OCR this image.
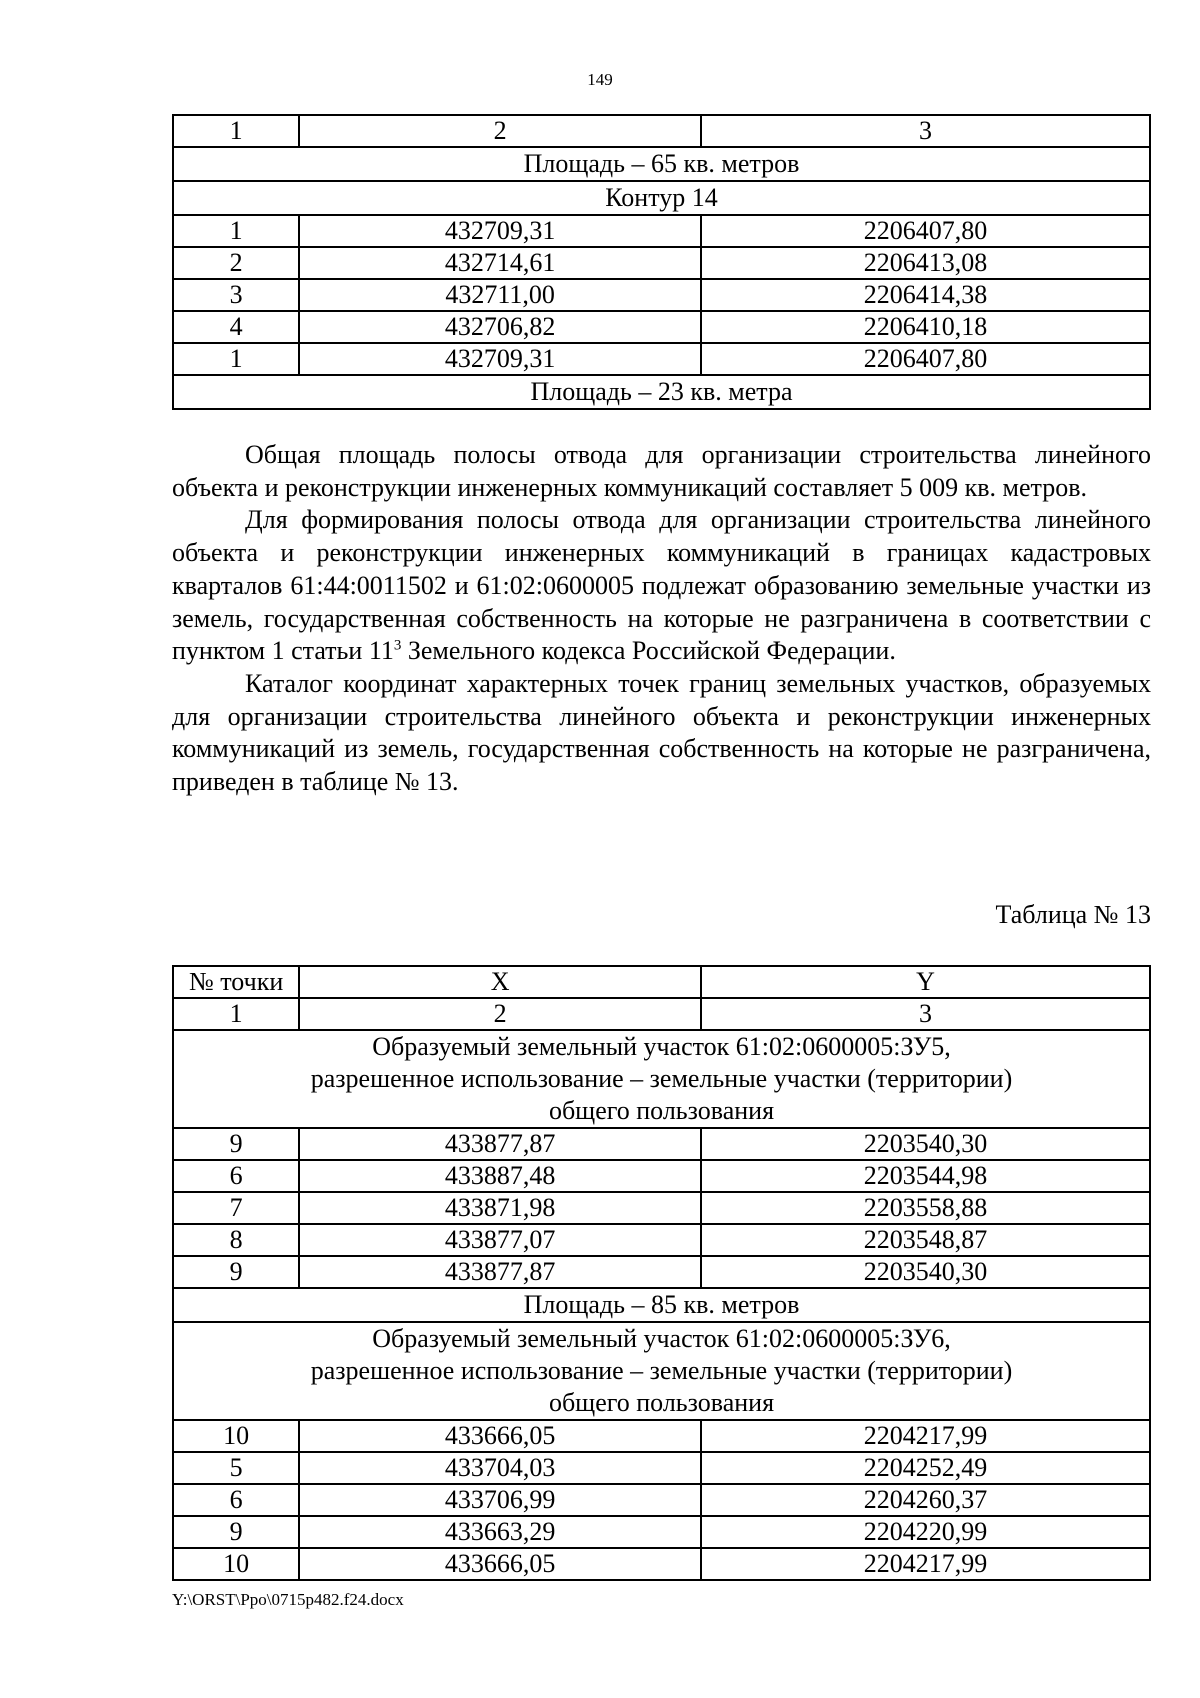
149
1	2	3
Площадь – 65 кв. метров		
Контур 14		
1	432709,31	2206407,80
2	432714,61	2206413,08
3	432711,00	2206414,38
4	432706,82	2206410,18
1	432709,31	2206407,80
Площадь – 23 кв. метра		

Общая площадь полосы отвода для организации строительства линейного объекта и реконструкции инженерных коммуникаций составляет 5 009 кв. метров.

Для формирования полосы отвода для организации строительства линейного объекта и реконструкции инженерных коммуникаций в границах кадастровых кварталов 61:44:0011502 и 61:02:0600005 подлежат образованию земельные участки из земель, государственная собственность на которые не разграничена в соответствии с пунктом 1 статьи $11^3$ Земельного кодекса Российской Федерации.

Каталог координат характерных точек границ земельных участков, образуемых для организации строительства линейного объекта и реконструкции инженерных коммуникаций из земель, государственная собственность на которые не разграничена, приведен в таблице № 13.

Таблица № 13
№ точки	X	Y
1	2	3

Образуемый земельный участок 61:02:0600005:ЗУ5,
разрешенное использование – земельные участки (территории)
общего пользования		

9	433877,87	2203540,30
6	433887,48	2203544,98
7	433871,98	2203558,88
8	433877,07	2203548,87
9	433877,87	2203540,30
Площадь – 85 кв. метров		

Образуемый земельный участок 61:02:0600005:ЗУ6,
разрешенное использование – земельные участки (территории)
общего пользования		

10	433666,05	2204217,99
5	433704,03	2204252,49
6	433706,99	2204260,37
9	433663,29	2204220,99
10	433666,05	2204217,99
Y:\ORST\Ppo\0715p482.f24.docx
